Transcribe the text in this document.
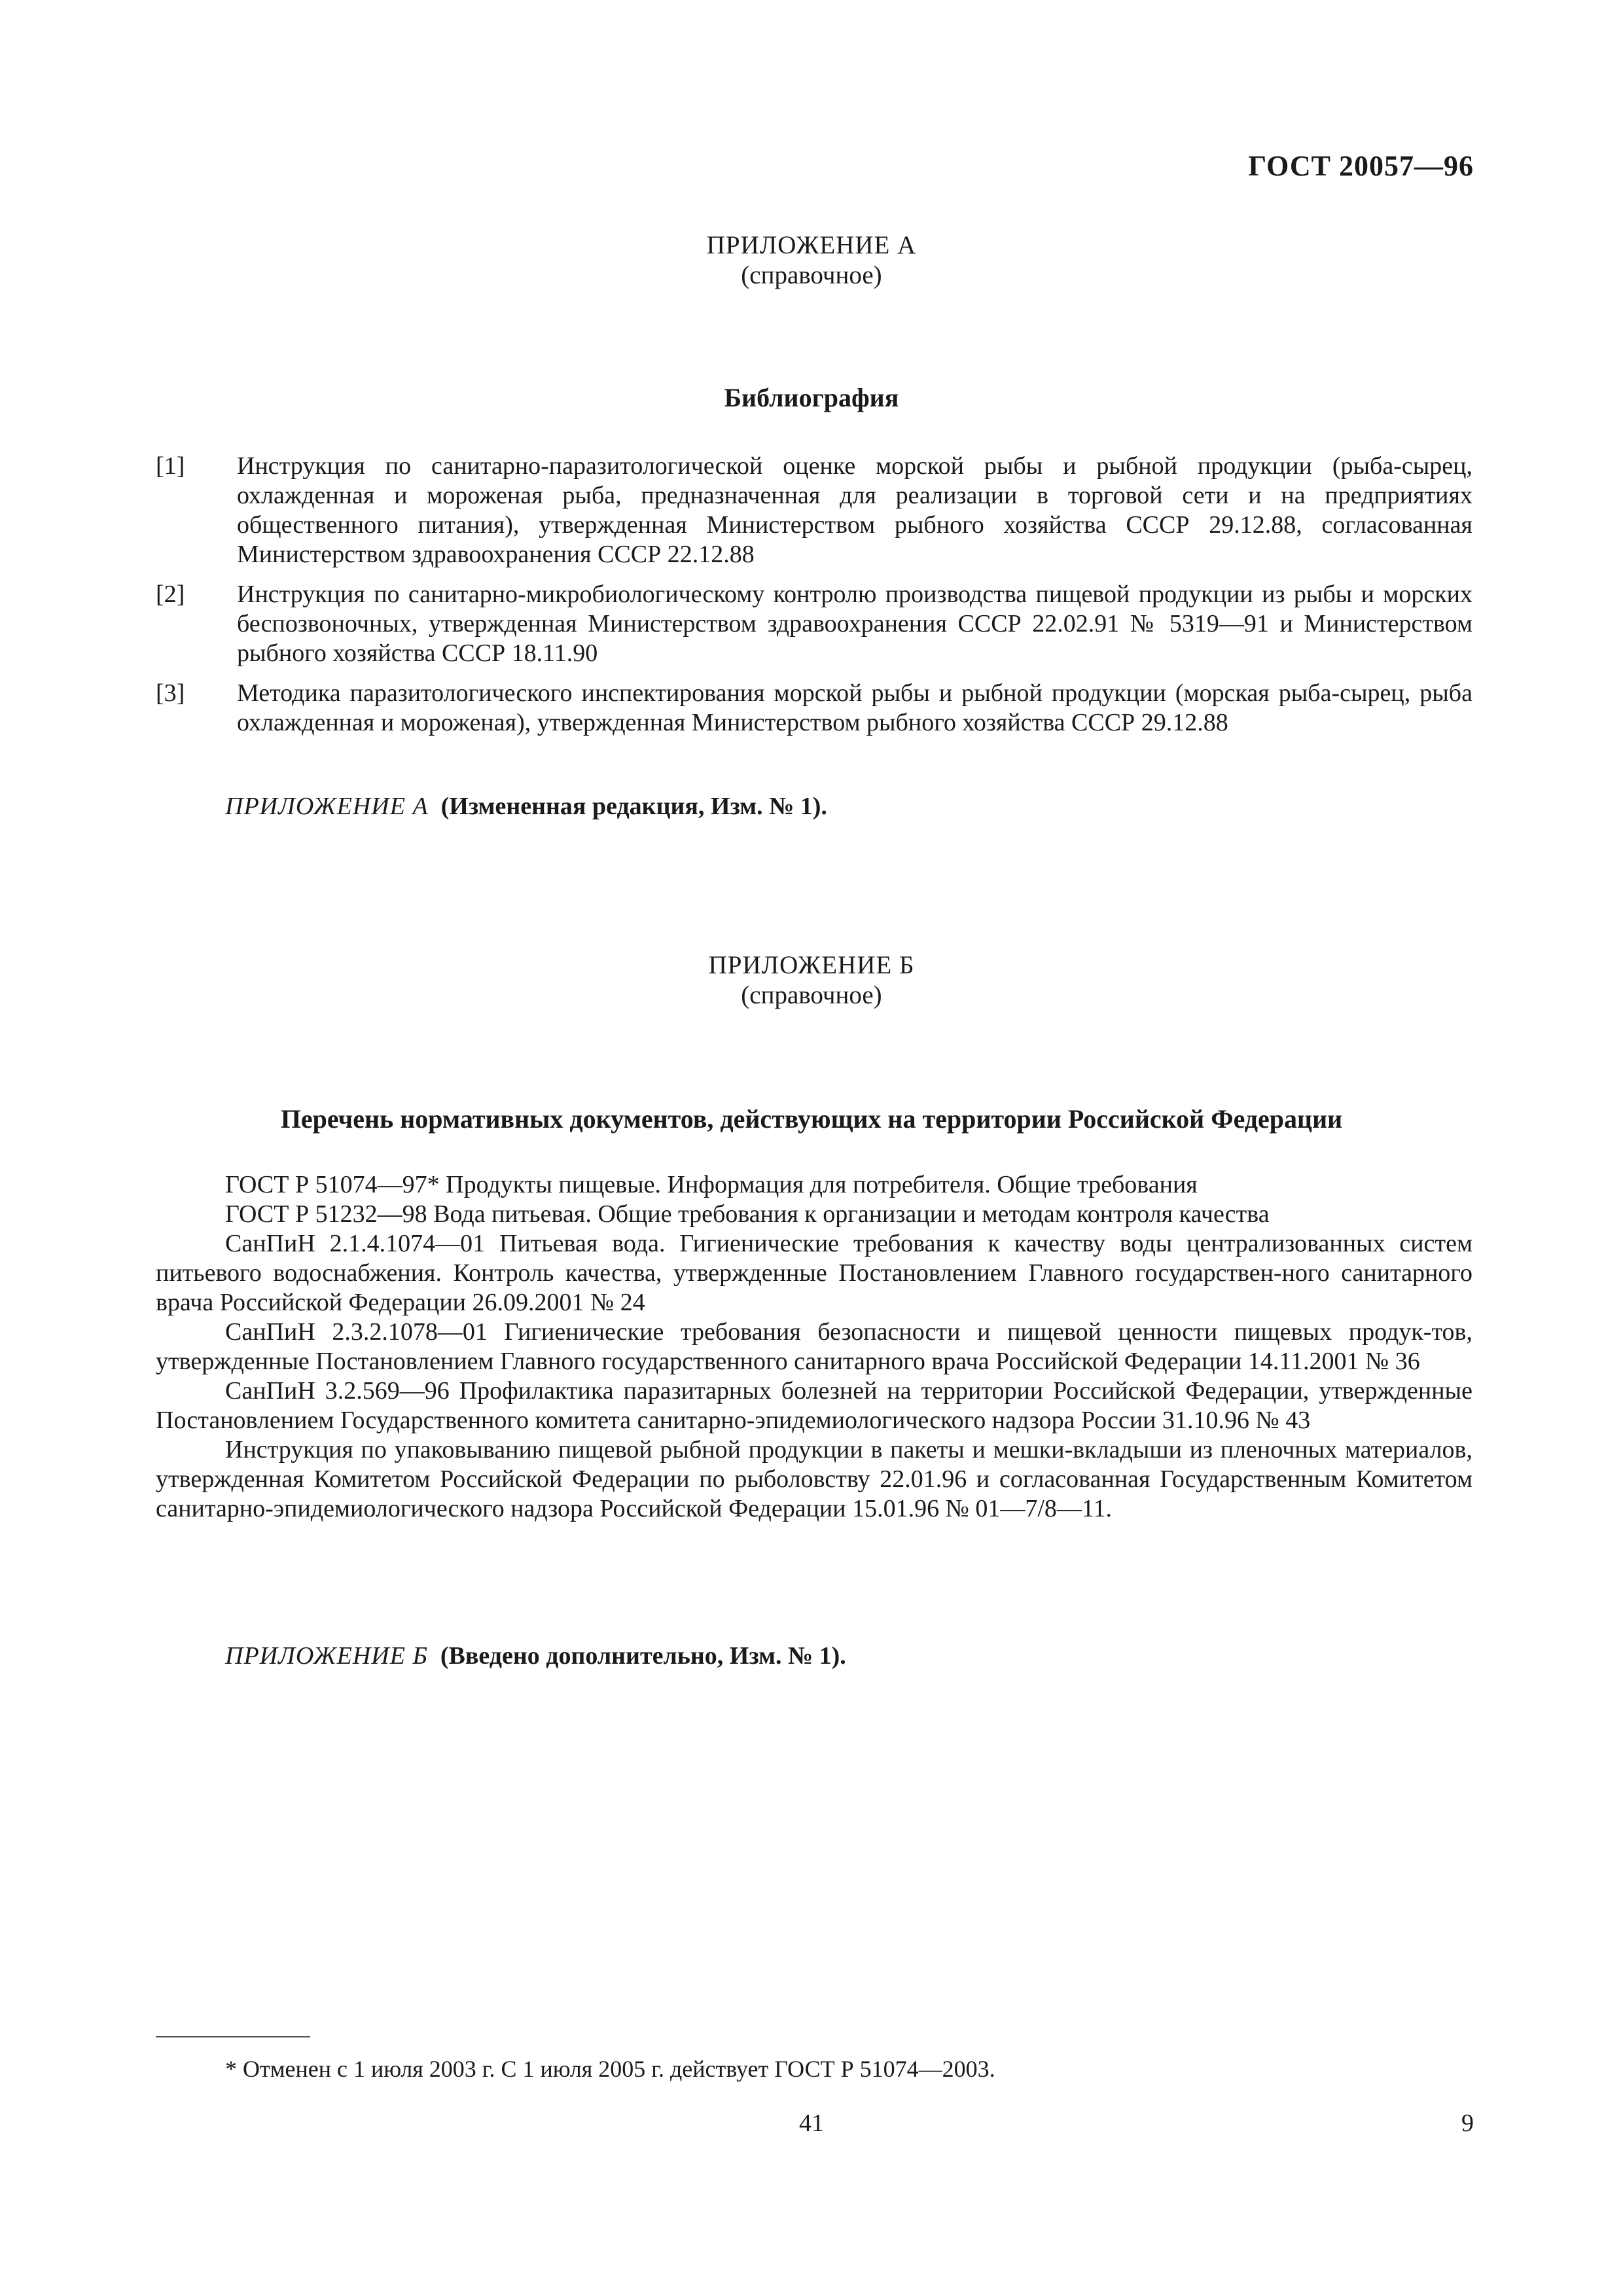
ГОСТ 20057—96
ПРИЛОЖЕНИЕ А
(справочное)
Библиография
[1]	Инструкция по санитарно-паразитологической оценке морской рыбы и рыбной продукции (рыба-сырец, охлажденная и мороженая рыба, предназначенная для реализации в торговой сети и на предприятиях общественного питания), утвержденная Министерством рыбного хозяйства СССР 29.12.88, согласованная Министерством здравоохранения СССР 22.12.88
[2]	Инструкция по санитарно-микробиологическому контролю производства пищевой продукции из рыбы и морских беспозвоночных, утвержденная Министерством здравоохранения СССР 22.02.91 № 5319—91 и Министерством рыбного хозяйства СССР 18.11.90
[3]	Методика паразитологического инспектирования морской рыбы и рыбной продукции (морская рыба-сырец, рыба охлажденная и мороженая), утвержденная Министерством рыбного хозяйства СССР 29.12.88
ПРИЛОЖЕНИЕ А (Измененная редакция, Изм. № 1).
ПРИЛОЖЕНИЕ Б
(справочное)
Перечень нормативных документов, действующих на территории Российской Федерации

ГОСТ Р 51074—97* Продукты пищевые. Информация для потребителя. Общие требования

ГОСТ Р 51232—98 Вода питьевая. Общие требования к организации и методам контроля качества

СанПиН 2.1.4.1074—01 Питьевая вода. Гигиенические требования к качеству воды централизованных систем питьевого водоснабжения. Контроль качества, утвержденные Постановлением Главного государствен-ного санитарного врача Российской Федерации 26.09.2001 № 24

СанПиН 2.3.2.1078—01 Гигиенические требования безопасности и пищевой ценности пищевых продук-тов, утвержденные Постановлением Главного государственного санитарного врача Российской Федерации 14.11.2001 № 36

СанПиН 3.2.569—96 Профилактика паразитарных болезней на территории Российской Федерации, утвержденные Постановлением Государственного комитета санитарно-эпидемиологического надзора России 31.10.96 № 43

Инструкция по упаковыванию пищевой рыбной продукции в пакеты и мешки-вкладыши из пленочных материалов, утвержденная Комитетом Российской Федерации по рыболовству 22.01.96 и согласованная Государственным Комитетом санитарно-эпидемиологического надзора Российской Федерации 15.01.96 № 01—7/8—11.

ПРИЛОЖЕНИЕ Б (Введено дополнительно, Изм. № 1).
* Отменен с 1 июля 2003 г. С 1 июля 2005 г. действует ГОСТ Р 51074—2003.
41	9
